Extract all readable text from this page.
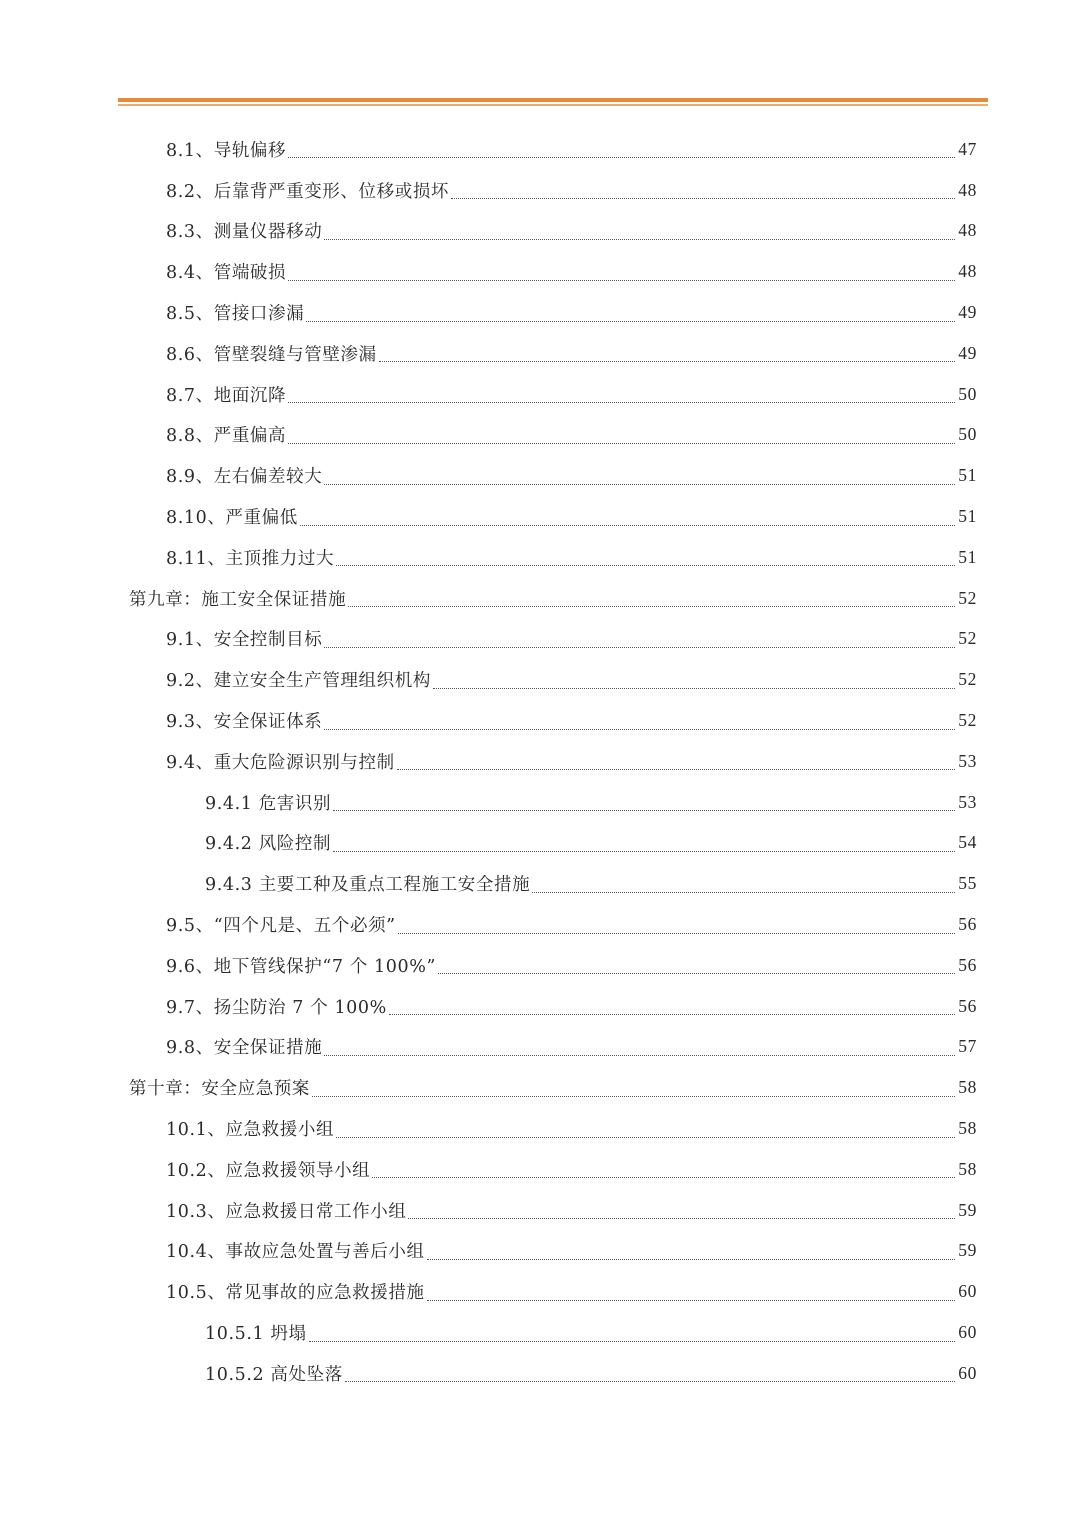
8.1、导轨偏移	47
8.2、后靠背严重变形、位移或损坏	48
8.3、测量仪器移动	48
8.4、管端破损	48
8.5、管接口渗漏	49
8.6、管壁裂缝与管壁渗漏	49
8.7、地面沉降	50
8.8、严重偏高	50
8.9、左右偏差较大	51
8.10、严重偏低	51
8.11、主顶推力过大	51
第九章：施工安全保证措施	52
9.1、安全控制目标	52
9.2、建立安全生产管理组织机构	52
9.3、安全保证体系	52
9.4、重大危险源识别与控制	53
9.4.1 危害识别	53
9.4.2 风险控制	54
9.4.3 主要工种及重点工程施工安全措施	55
9.5、“四个凡是、五个必须”	56
9.6、地下管线保护“7 个 100%”	56
9.7、扬尘防治 7 个 100%	56
9.8、安全保证措施	57
第十章：安全应急预案	58
10.1、应急救援小组	58
10.2、应急救援领导小组	58
10.3、应急救援日常工作小组	59
10.4、事故应急处置与善后小组	59
10.5、常见事故的应急救援措施	60
10.5.1 坍塌	60
10.5.2 高处坠落	60
